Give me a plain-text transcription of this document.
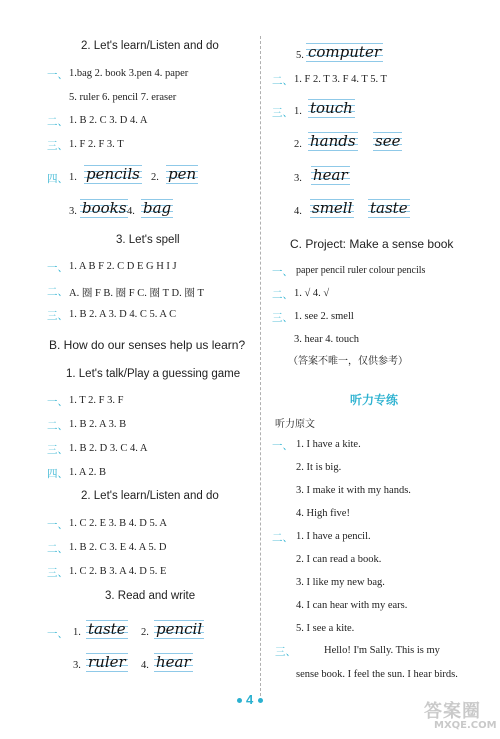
2. Let's learn/Listen and do
一、 1.bag 2. book 3.pen 4. paper
5. ruler 6. pencil 7. eraser
二、 1. B 2. C 3. D 4. A
三、 1. F 2. F 3. T
四、 1. pencils 2. pen
3. books 4. bag
3. Let's spell
一、 1. A B F 2. C D E G H I J
二、 A. 圈 F B. 圈 F C. 圈 T D. 圈 T
三、 1. B 2. A 3. D 4. C 5. A C
B. How do our senses help us learn?
1. Let's talk/Play a guessing game
一、 1. T 2. F 3. F
二、 1. B 2. A 3. B
三、 1. B 2. D 3. C 4. A
四、 1. A 2. B
2. Let's learn/Listen and do
一、 1. C 2. E 3. B 4. D 5. A
二、 1. B 2. C 3. E 4. A 5. D
三、 1. C 2. B 3. A 4. D 5. E
3. Read and write
一、 1. taste 2. pencil
3. ruler 4. hear
5. computer
二、 1. F 2. T 3. F 4. T 5. T
三、 1. touch
2. hands see
3. hear
4. smell taste
C. Project: Make a sense book
一、 paper pencil ruler colour pencils
二、 1. √ 4. √
三、 1. see 2. smell
3. hear 4. touch
（答案不唯一，仅供参考）
听力专练
听力原文
一、 1. I have a kite.
2. It is big.
3. I make it with my hands.
4. High five!
二、 1. I have a pencil.
2. I can read a book.
3. I like my new bag.
4. I can hear with my ears.
5. I see a kite.
三、	Hello! I'm Sally. This is my
sense book. I feel the sun. I hear birds.
4
答案圈
MXQE.COM
